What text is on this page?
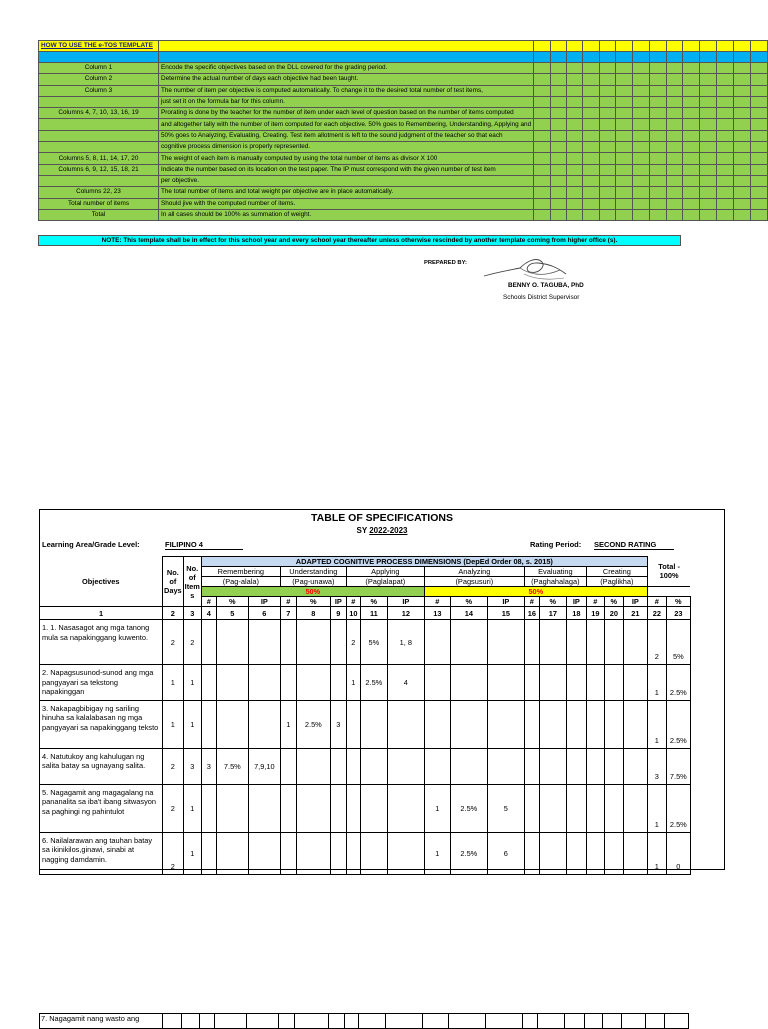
HOW TO USE THE e-TOS TEMPLATE															

Column 1	Encode the specific objectives based on the DLL covered for the grading period.														
Column 2	Determine the actual number of days each objective had been taught.														
Column 3	The number of item per objective is computed automatically. To change it to the desired total number of test items,														
	just set it on the formula bar for this column.														
Columns 4, 7, 10, 13, 16, 19	Prorating is done by the teacher for the number of item under each level of question based on the number of items computed														
	and altogether tally with the number of item computed for each objective. 50% goes to Remembering, Understanding, Applying and														
	50% goes to Analyzing, Evaluating, Creating. Test item allotment is left to the sound judgment of the teacher so that each														
	cognitive process dimension is properly represented.														
Columns 5, 8, 11, 14, 17, 20	The weight of each item is manually computed by using the total number of items as divisor X 100														
Columns 6, 9, 12, 15, 18, 21	Indicate the number based on its location on the test paper. The IP must correspond with the given number of test item														
	per objective.														
Columns 22, 23	The total number of items and total weight per objective are in place automatically.														
Total number of items	Should jive with the computed number of items.														
Total	In all cases should be 100% as summation of weight.														
NOTE: This template shall be in effect for this school year and every school year thereafter unless otherwise rescinded by another template coming from higher office (s).
PREPARED BY:
BENNY O. TAGUBA, PhD
Schools District Supervisor
TABLE OF SPECIFICATIONS
SY 2022-2023
Learning Area/Grade Level:	FILIPINO 4	Rating Period: SECOND RATING
Objectives	No. of Days	No. of Item s	ADAPTED COGNITIVE PROCESS DIMENSIONS (DepEd Order 08, s. 2015)																		Total - 100%	
			Remembering			Understanding			Applying			Analyzing			Evaluating			Creating				
			(Pag-alala)			(Pag-unawa)			(Paglalapat)			(Pagsusuri)			(Paghahalaga)			(Paglikha)				
			50%									50%										
			#	%	IP	#	%	IP	#	%	IP	#	%	IP	#	%	IP	#	%	IP	#	%
1	2	3	4	5	6	7	8	9	10	11	12	13	14	15	16	17	18	19	20	21	22	23
1. 1. Nasasagot ang mga tanong mula sa napakinggang kuwento.	2	2							2	5%	1, 8										2	5%
2. Napagsusunod-sunod ang mga pangyayari sa tekstong napakinggan	1	1							1	2.5%	4										1	2.5%
3. Nakapagbibigay ng sariling hinuha sa kalalabasan ng mga pangyayari sa napakinggang teksto	1	1				1	2.5%	3													1	2.5%
4. Natutukoy ang kahulugan ng salita batay sa ugnayang salita.	2	3	3	7.5%	7,9,10																3	7.5%
5. Nagagamit ang magagalang na pananalita sa iba't ibang sitwasyon sa paghingi ng pahintulot	2	1										1	2.5%	5							1	2.5%
6. Nailalarawan ang tauhan batay sa ikinikilos,ginawi, sinabi at nagging damdamin.	2	1										1	2.5%	6							1	0
7. Nagagamit nang wasto ang																						
